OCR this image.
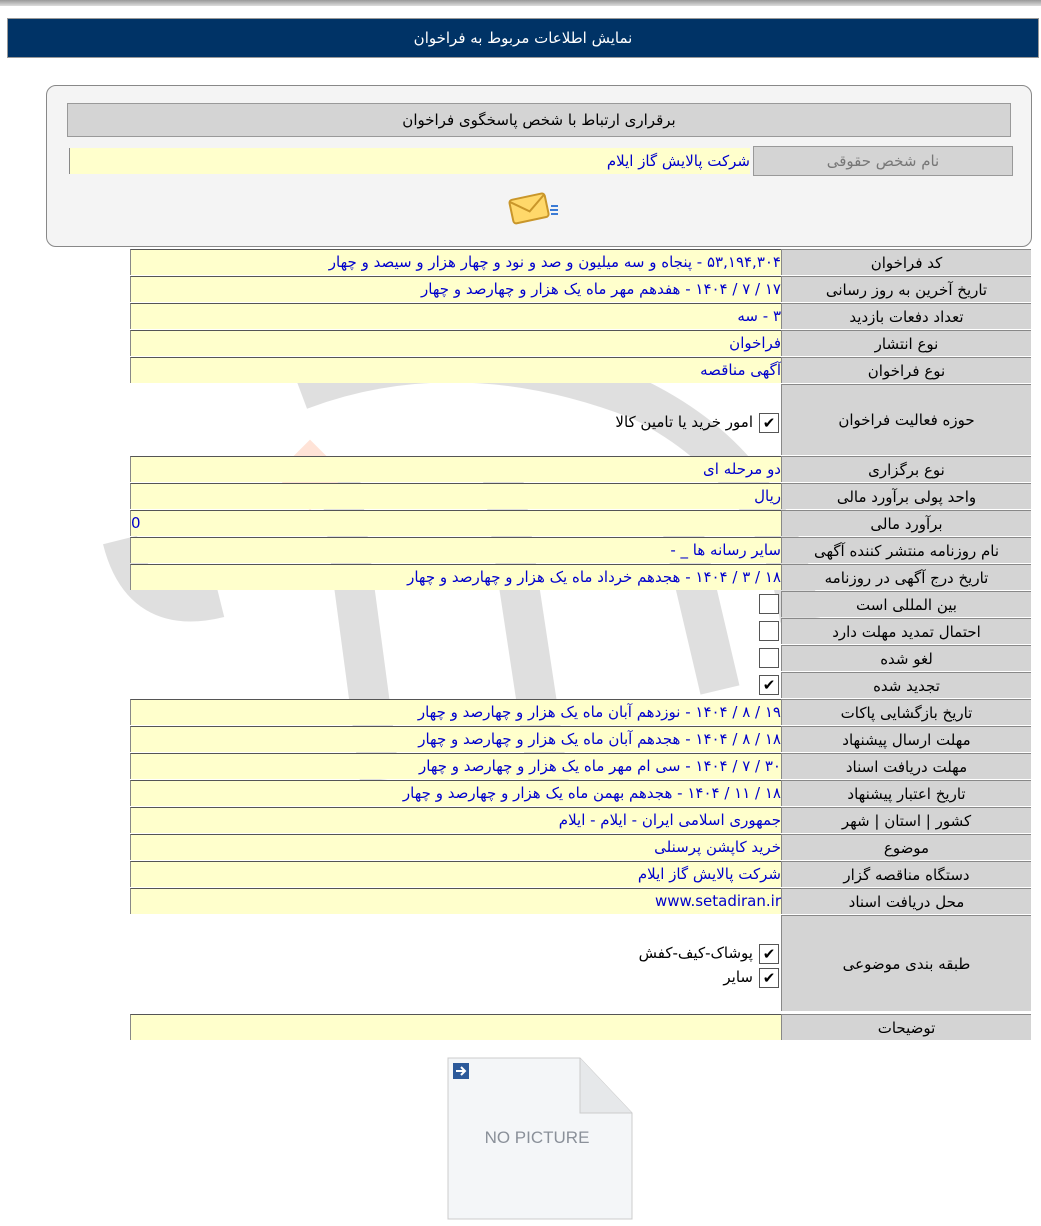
نمایش اطلاعات مربوط به فراخوان
برقراری ارتباط با شخص پاسخگوی فراخوان
نام شخص حقوقی
شرکت پالایش گاز ایلام
کد فراخوان
۵۳,۱۹۴,۳۰۴ - پنجاه و سه میلیون و صد و نود و چهار هزار و سیصد و چهار
تاریخ آخرین به روز رسانی
۱۷ / ۷ / ۱۴۰۴ - هفدهم مهر ماه یک هزار و چهارصد و چهار
تعداد دفعات بازدید
۳ - سه
نوع انتشار
فراخوان
نوع فراخوان
آگهی مناقصه
حوزه فعالیت فراخوان
✔امور خرید یا تامین کالا
نوع برگزاری
دو مرحله ای
واحد پولی برآورد مالی
ریال
برآورد مالی
0
نام روزنامه منتشر کننده آگهی
سایر رسانه ها _ -
تاریخ درج آگهی در روزنامه
۱۸ / ۳ / ۱۴۰۴ - هجدهم خرداد ماه یک هزار و چهارصد و چهار
بین المللی است
احتمال تمدید مهلت دارد
لغو شده
تجدید شده
✔
تاریخ بازگشایی پاکات
۱۹ / ۸ / ۱۴۰۴ - نوزدهم آبان ماه یک هزار و چهارصد و چهار
مهلت ارسال پیشنهاد
۱۸ / ۸ / ۱۴۰۴ - هجدهم آبان ماه یک هزار و چهارصد و چهار
مهلت دریافت اسناد
۳۰ / ۷ / ۱۴۰۴ - سی ام مهر ماه یک هزار و چهارصد و چهار
تاریخ اعتبار پیشنهاد
۱۸ / ۱۱ / ۱۴۰۴ - هجدهم بهمن ماه یک هزار و چهارصد و چهار
کشور | استان | شهر
جمهوری اسلامی ایران - ایلام - ایلام
موضوع
خرید کاپشن پرسنلی
دستگاه مناقصه گزار
شرکت پالایش گاز ایلام
محل دریافت اسناد
www.setadiran.ir
طبقه بندی موضوعی
✔پوشاک-کیف-کفش
✔سایر
توضیحات
NO PICTURE
